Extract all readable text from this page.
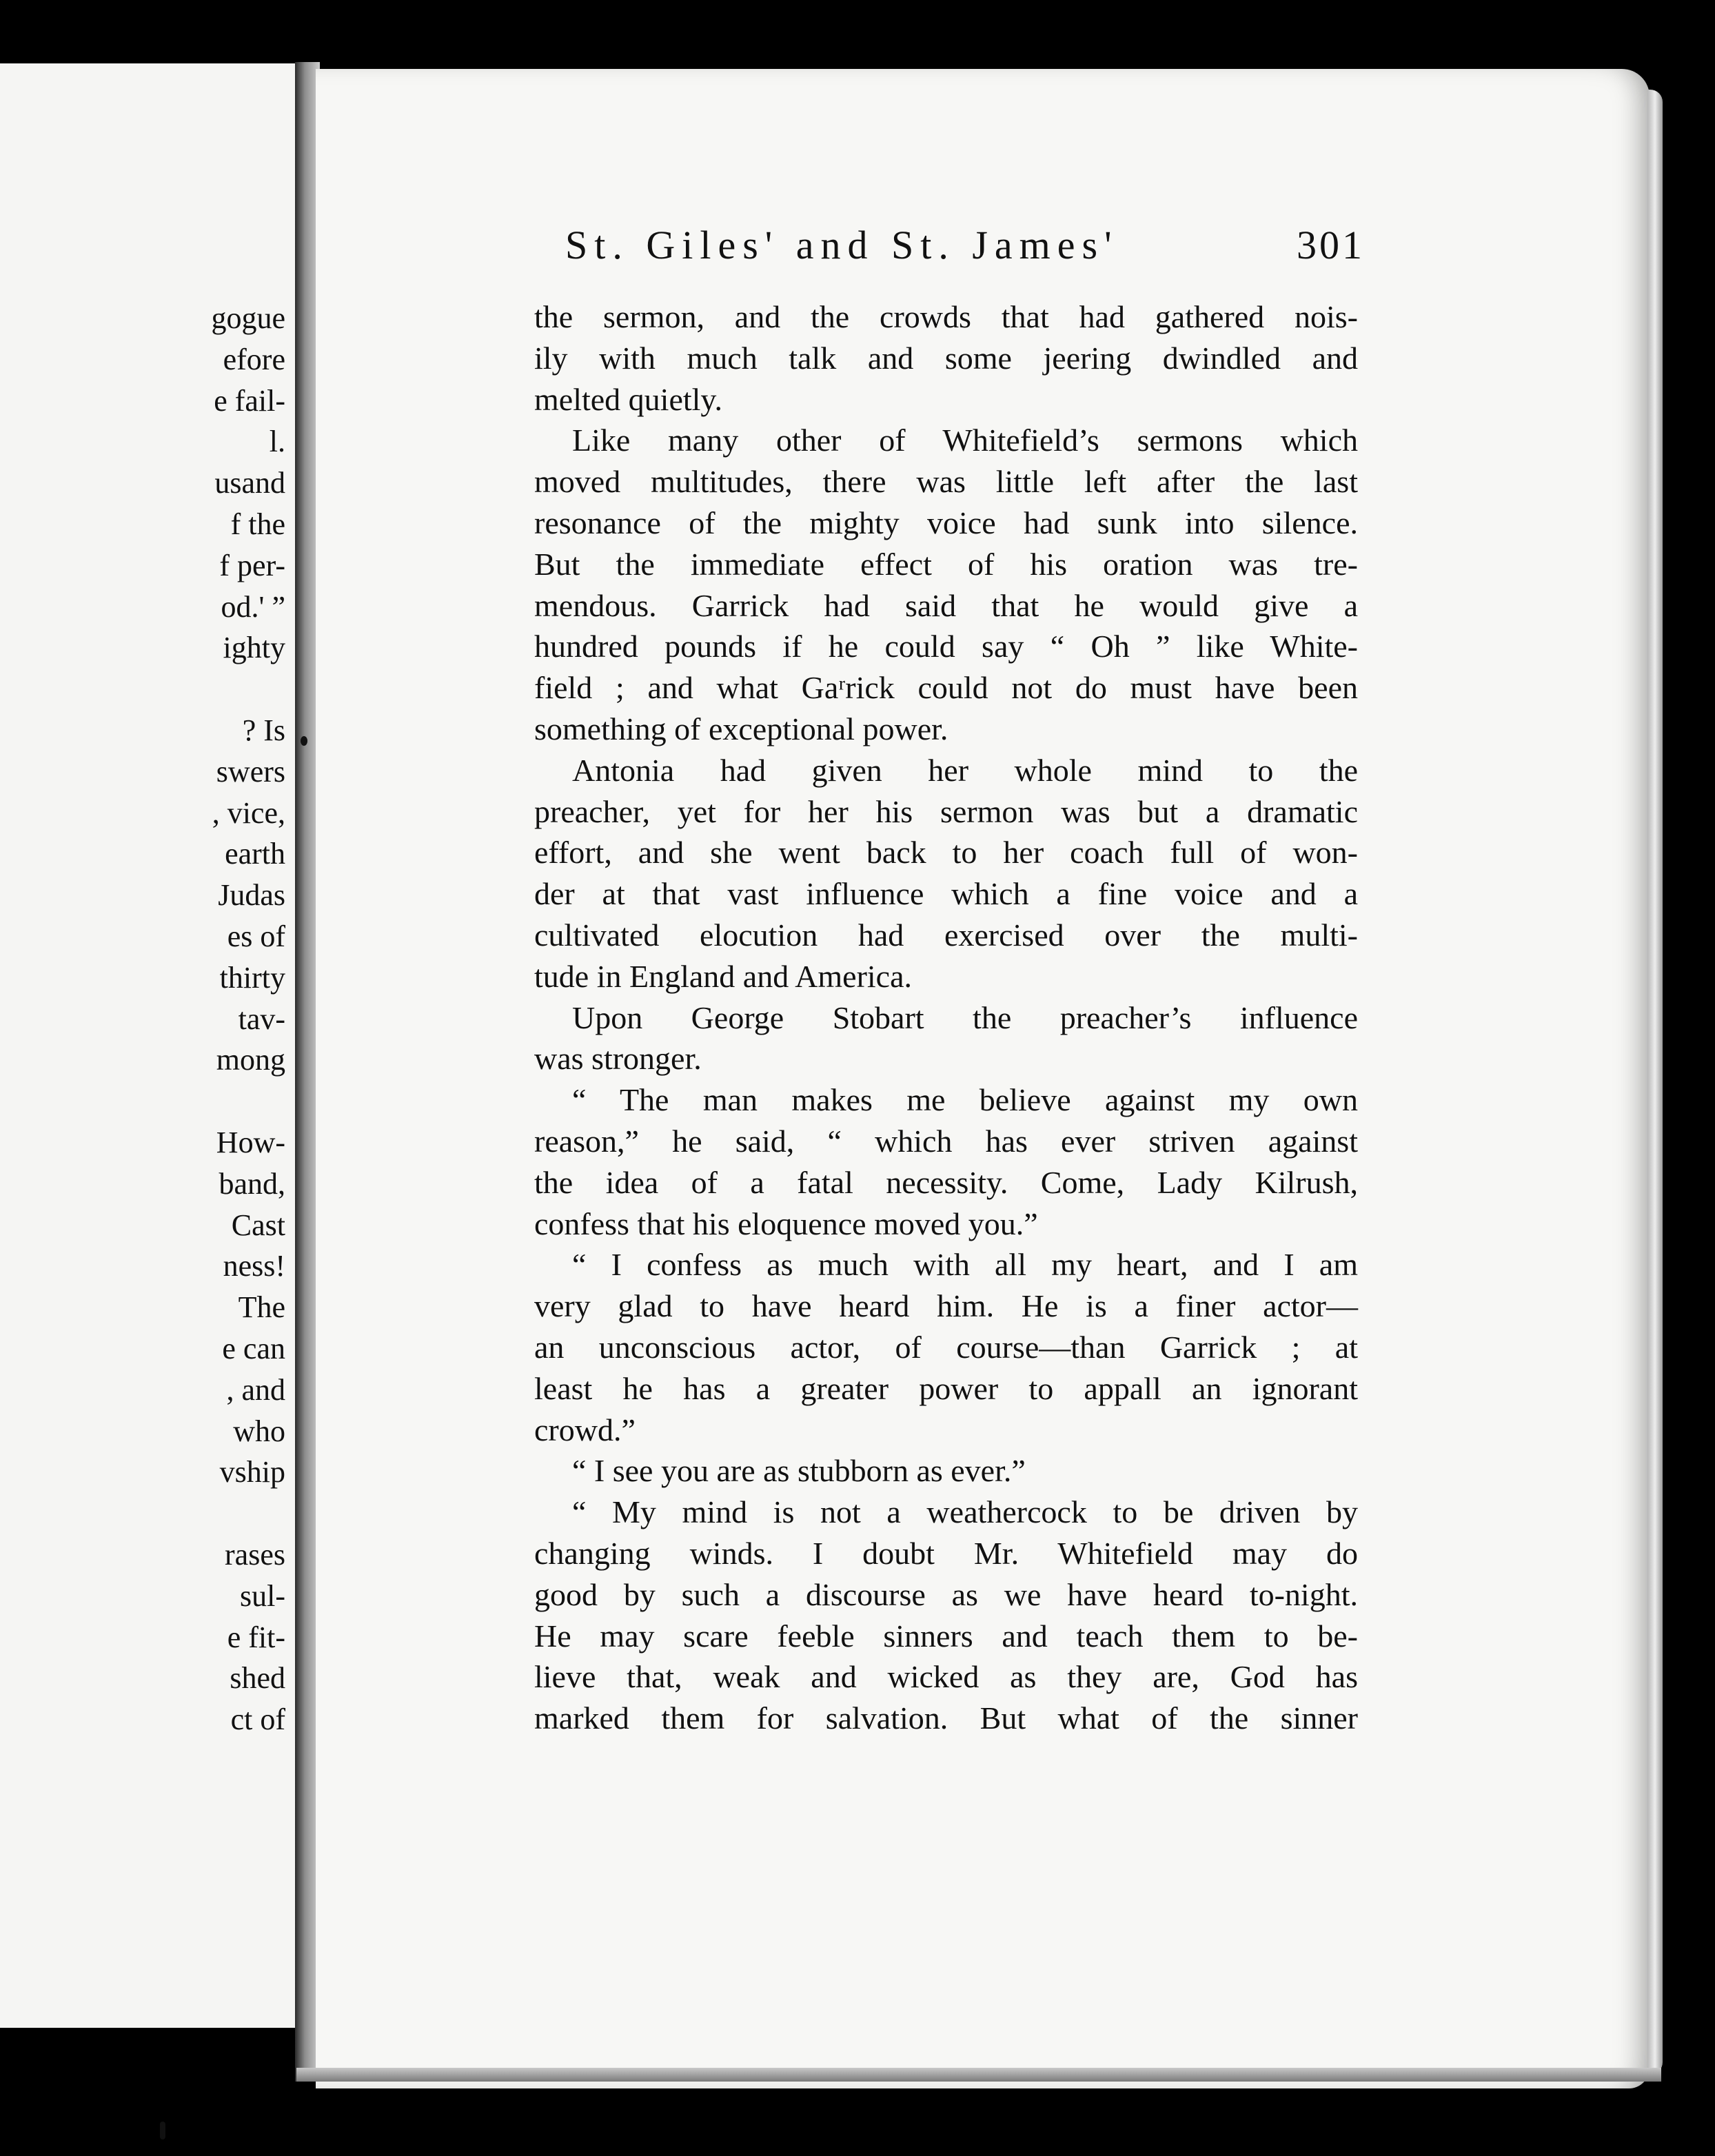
gogue
efore
e fail-
l.
usand
f the
f per-
od.' ”
ighty
? Is
swers
, vice,
earth
Judas
es of
thirty
tav-
mong
How-
band,
Cast
ness!
The
e can
, and
who
vship
rases
sul-
e fit-
shed
ct of
St. Giles' and St. James'	301
the sermon, and the crowds that had gathered nois-
ily with much talk and some jeering dwindled and
melted quietly.
Like many other of Whitefield’s sermons which
moved multitudes, there was little left after the last
resonance of the mighty voice had sunk into silence.
But the immediate effect of his oration was tre-
mendous. Garrick had said that he would give a
hundred pounds if he could say “ Oh ” like White-
field ; and what Gaʳrick could not do must have been
something of exceptional power.
Antonia had given her whole mind to the
preacher, yet for her his sermon was but a dramatic
effort, and she went back to her coach full of won-
der at that vast influence which a fine voice and a
cultivated elocution had exercised over the multi-
tude in England and America.
Upon George Stobart the preacher’s influence
was stronger.
“ The man makes me believe against my own
reason,” he said, “ which has ever striven against
the idea of a fatal necessity. Come, Lady Kilrush,
confess that his eloquence moved you.”
“ I confess as much with all my heart, and I am
very glad to have heard him. He is a finer actor—
an unconscious actor, of course—than Garrick ; at
least he has a greater power to appall an ignorant
crowd.”
“ I see you are as stubborn as ever.”
“ My mind is not a weathercock to be driven by
changing winds. I doubt Mr. Whitefield may do
good by such a discourse as we have heard to-night.
He may scare feeble sinners and teach them to be-
lieve that, weak and wicked as they are, God has
marked them for salvation. But what of the sinner
